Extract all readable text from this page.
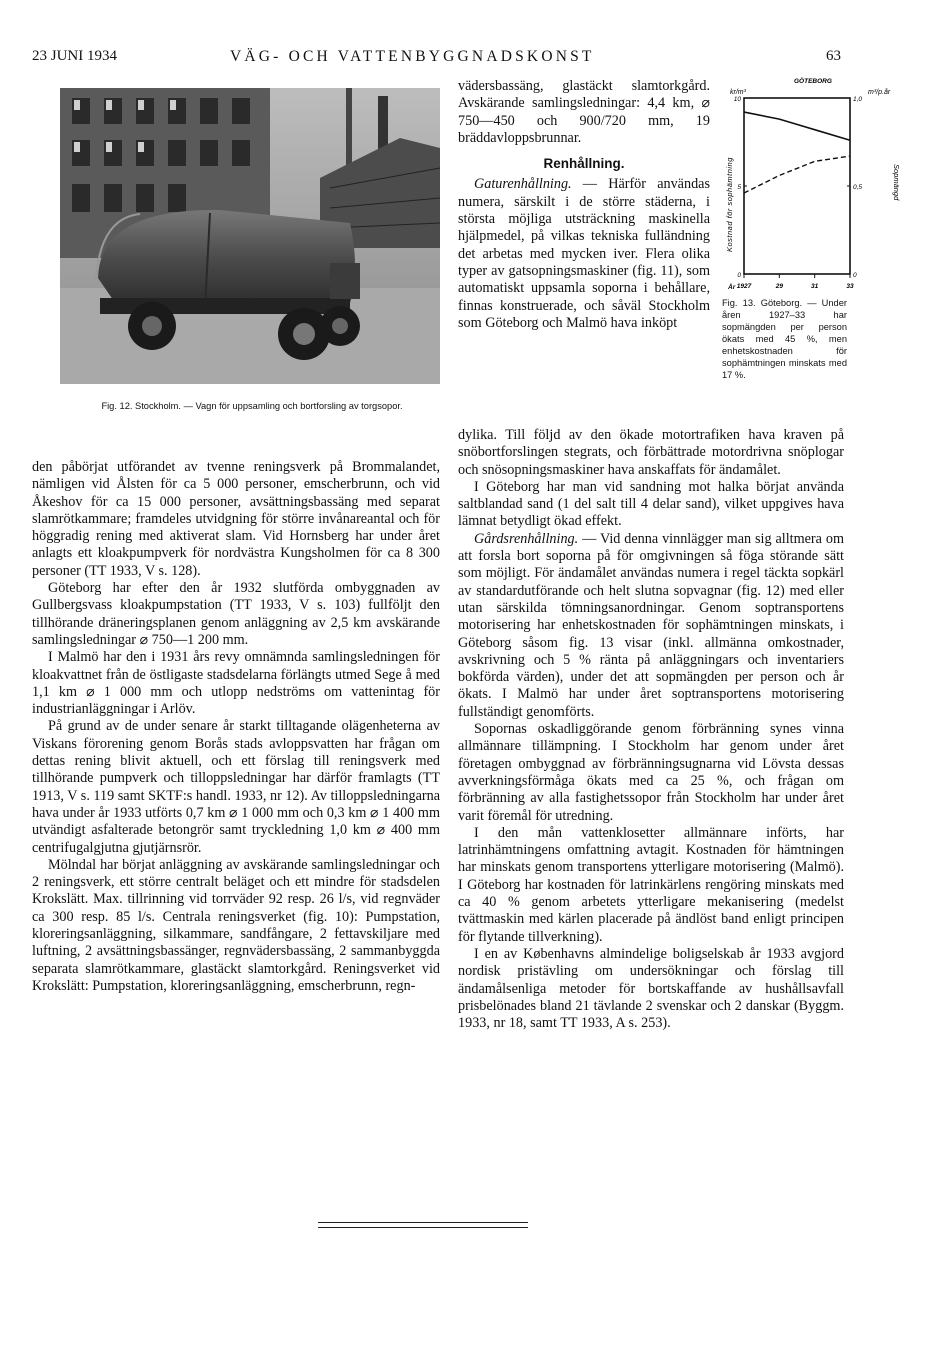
23 JUNI 1934	VÄG- OCH VATTENBYGGNADSKONST	63
Fig. 12. Stockholm. — Vagn för uppsamling och bortforsling av torgsopor.

den påbörjat utförandet av tvenne reningsverk på Brommalandet, nämligen vid Ålsten för ca 5 000 personer, emscherbrunn, och vid Åkeshov för ca 15 000 personer, avsättningsbassäng med separat slamrötkammare; framdeles utvidgning för större invånareantal och för höggradig rening med aktiverat slam. Vid Hornsberg har under året anlagts ett kloakpumpverk för nordvästra Kungsholmen för ca 8 300 personer (TT 1933, V s. 128).

Göteborg har efter den år 1932 slutförda ombyggnaden av Gullbergsvass kloakpumpstation (TT 1933, V s. 103) fullföljt den tillhörande dräneringsplanen genom anläggning av 2,5 km avskärande samlingsledningar ⌀ 750—1 200 mm.

I Malmö har den i 1931 års revy omnämnda samlingsledningen för kloakvattnet från de östligaste stadsdelarna förlängts utmed Sege å med 1,1 km ⌀ 1 000 mm och utlopp nedströms om vattenintag för industrianläggningar i Arlöv.

På grund av de under senare år starkt tilltagande olägenheterna av Viskans förorening genom Borås stads avloppsvatten har frågan om dettas rening blivit aktuell, och ett förslag till reningsverk med tillhörande pumpverk och tilloppsledningar har därför framlagts (TT 1913, V s. 119 samt SKTF:s handl. 1933, nr 12). Av tilloppsledningarna hava under år 1933 utförts 0,7 km ⌀ 1 000 mm och 0,3 km ⌀ 1 400 mm utvändigt asfalterade betongrör samt tryckledning 1,0 km ⌀ 400 mm centrifugalgjutna gjutjärnsrör.

Mölndal har börjat anläggning av avskärande samlingsledningar och 2 reningsverk, ett större centralt beläget och ett mindre för stadsdelen Krokslätt. Max. tillrinning vid torrväder 92 resp. 26 l/s, vid regnväder ca 300 resp. 85 l/s. Centrala reningsverket (fig. 10): Pumpstation, kloreringsanläggning, silkammare, sandfångare, 2 fettavskiljare med luftning, 2 avsättningsbassänger, regnvädersbassäng, 2 sammanbyggda separata slamrötkammare, glastäckt slamtorkgård. Reningsverket vid Krokslätt: Pumpstation, kloreringsanläggning, emscherbrunn, regn-

vädersbassäng, glastäckt slamtorkgård. Avskärande samlingsledningar: 4,4 km, ⌀ 750—450 och 900/720 mm, 19 bräddavloppsbrunnar.

Renhållning.

Gaturenhållning. — Härför användas numera, särskilt i de större städerna, i största möjliga utsträckning maskinella hjälpmedel, på vilkas tekniska fulländning det arbetas med mycken iver. Flera olika typer av gatsopningsmaskiner (fig. 11), som automatiskt uppsamla soporna i behållare, finnas konstruerade, och såväl Stockholm som Göteborg och Malmö hava inköpt

GÖTEBORG
kr/m³	m³/p.år
Kostnad för sophämtning	Sopmängd
10
5
0
1,0
0,5
0
1927	29	31	33
År
Fig. 13. Göteborg. — Under åren 1927–33 har sopmängden per person ökats med 45 %, men enhetskostnaden för sophämtningen minskats med 17 %.

dylika. Till följd av den ökade motortrafiken hava kraven på snöbortforslingen stegrats, och förbättrade motordrivna snöplogar och snösopningsmaskiner hava anskaffats för ändamålet.

I Göteborg har man vid sandning mot halka börjat använda saltblandad sand (1 del salt till 4 delar sand), vilket uppgives hava lämnat betydligt ökad effekt.

Gårdsrenhållning. — Vid denna vinnlägger man sig alltmera om att forsla bort soporna på för omgivningen så föga störande sätt som möjligt. För ändamålet användas numera i regel täckta sopkärl av standardutförande och helt slutna sopvagnar (fig. 12) med eller utan särskilda tömningsanordningar. Genom soptransportens motorisering har enhetskostnaden för sophämtningen minskats, i Göteborg såsom fig. 13 visar (inkl. allmänna omkostnader, avskrivning och 5 % ränta på anläggningars och inventariers bokförda värden), under det att sopmängden per person och år ökats. I Malmö har under året soptransportens motorisering fullständigt genomförts.

Sopornas oskadliggörande genom förbränning synes vinna allmännare tillämpning. I Stockholm har genom under året företagen ombyggnad av förbränningsugnarna vid Lövsta dessas avverkningsförmåga ökats med ca 25 %, och frågan om förbränning av alla fastighetssopor från Stockholm har under året varit föremål för utredning.

I den mån vattenklosetter allmännare införts, har latrinhämtningens omfattning avtagit. Kostnaden för hämtningen har minskats genom transportens ytterligare motorisering (Malmö). I Göteborg har kostnaden för latrinkärlens rengöring minskats med ca 40 % genom arbetets ytterligare mekanisering (medelst tvättmaskin med kärlen placerade på ändlöst band enligt principen för flytande tillverkning).

I en av Københavns almindelige boligselskab år 1933 avgjord nordisk pristävling om undersökningar och förslag till ändamålsenliga metoder för bortskaffande av hushållsavfall prisbelönades bland 21 tävlande 2 svenskar och 2 danskar (Byggm. 1933, nr 18, samt TT 1933, A s. 253).
